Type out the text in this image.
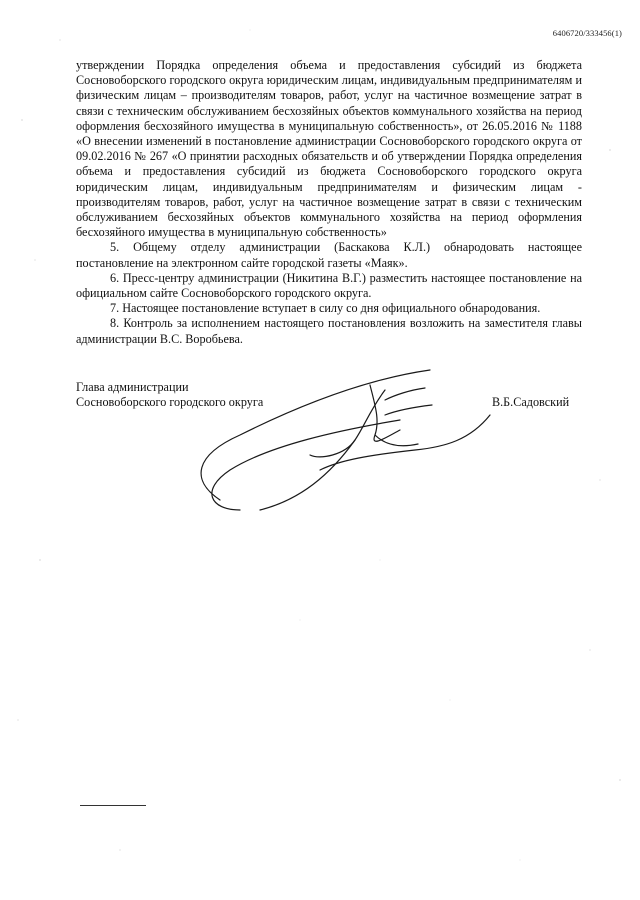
6406720/333456(1)

утверждении Порядка определения объема и предоставления субсидий из бюджета Сосновоборского городского округа юридическим лицам, индивидуальным предпринимателям и физическим лицам – производителям товаров, работ, услуг на частичное возмещение затрат в связи с техническим обслуживанием бесхозяйных объектов коммунального хозяйства на период оформления бесхозяйного имущества в муниципальную собственность», от 26.05.2016 № 1188 «О внесении изменений в постановление администрации Сосновоборского городского округа от 09.02.2016 № 267 «О принятии расходных обязательств и об утверждении Порядка определения объема и предоставления субсидий из бюджета Сосновоборского городского округа юридическим лицам, индивидуальным предпринимателям и физическим лицам - производителям товаров, работ, услуг на частичное возмещение затрат в связи с техническим обслуживанием бесхозяйных объектов коммунального хозяйства на период оформления бесхозяйного имущества в муниципальную собственность»

5. Общему отделу администрации (Баскакова К.Л.) обнародовать настоящее постановление на электронном сайте городской газеты «Маяк».

6. Пресс-центру администрации (Никитина В.Г.) разместить настоящее постановление на официальном сайте Сосновоборского городского округа.

7. Настоящее постановление вступает в силу со дня официального обнародования.

8. Контроль за исполнением настоящего постановления возложить на заместителя главы администрации В.С. Воробьева.

Глава администрации
Сосновоборского городского округа	В.Б.Садовский
